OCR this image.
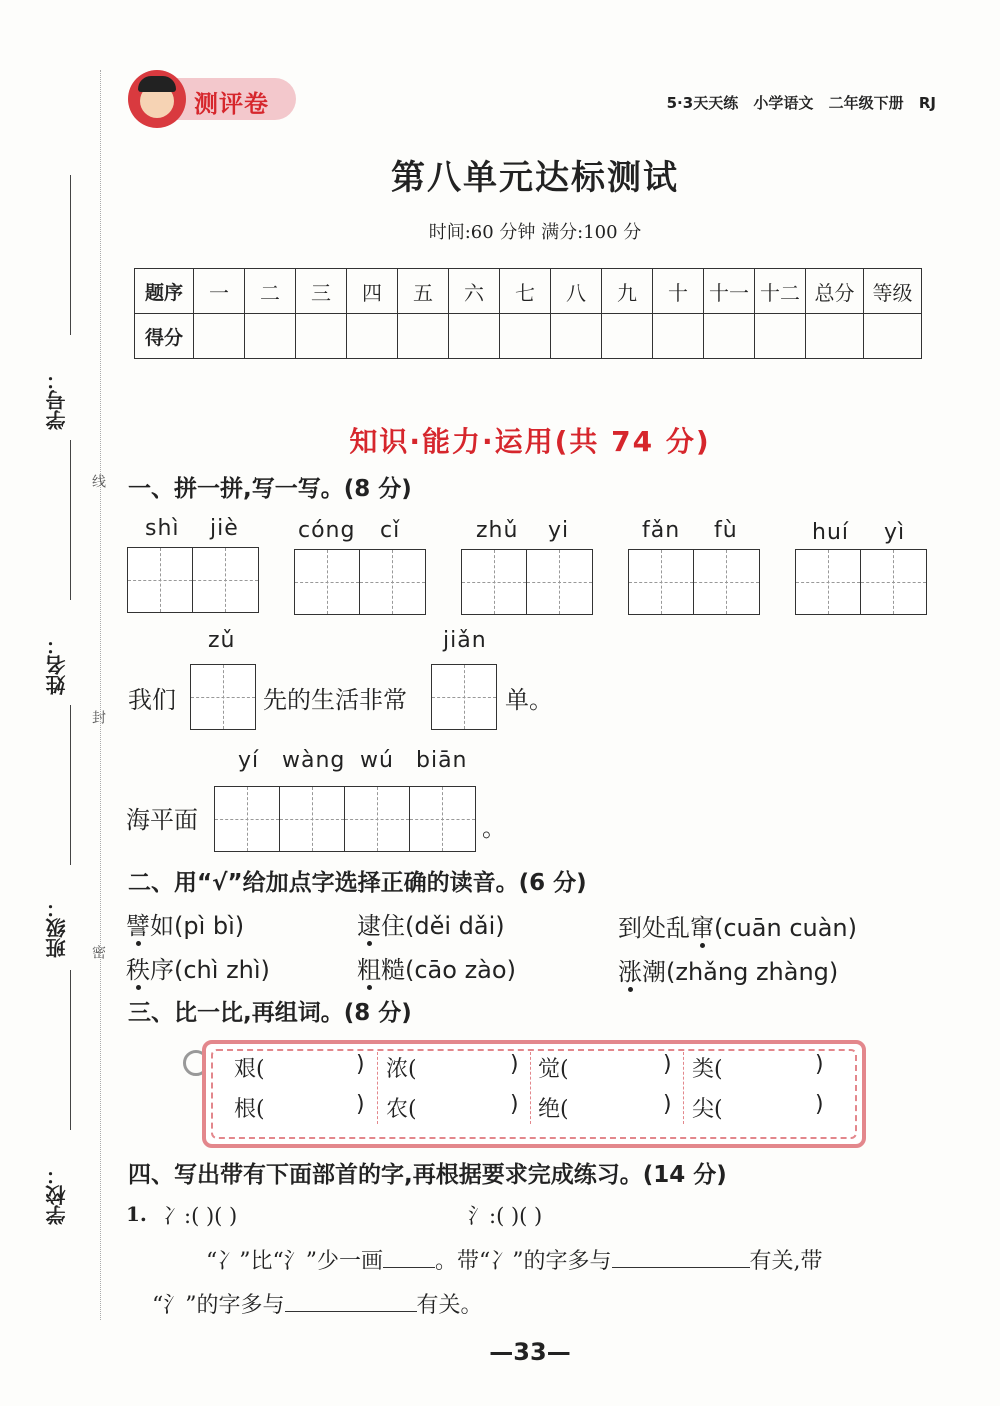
学号：
姓名：
班级：
学校：
线
封
密
测评卷	5·3天天练 小学语文 二年级下册 RJ
第八单元达标测试
时间:60 分钟 满分:100 分
题序	一	二	三	四	五	六	七	八	九	十	十一	十二	总分	等级
得分														
知识·能力·运用(共 74 分)
一、拼一拼,写一写。(8 分)
shì jiè	cóng cǐ	zhǔ yi	fǎn fù	huí yì
zǔ	jiǎn
我们	先的生活非常	单。
yí wàng wú biān
海平面	。
二、用“√”给加点字选择正确的读音。(6 分)
譬如(pì bì)	逮住(děi dǎi)	到处乱窜(cuān cuàn)
秩序(chì zhì)	粗糙(cāo zào)	涨潮(zhǎng zhàng)
三、比一比,再组词。(8 分)
艰(	) 浓(	) 觉(	) 类(	)
根(	) 农(	) 绝(	) 尖(	)
四、写出带有下面部首的字,再根据要求完成练习。(14 分)
1. 冫:( )( )	氵:( )( )
“冫”比“氵”少一画 。带“冫”的字多与	有关,带
“氵”的字多与	有关。
—33—
